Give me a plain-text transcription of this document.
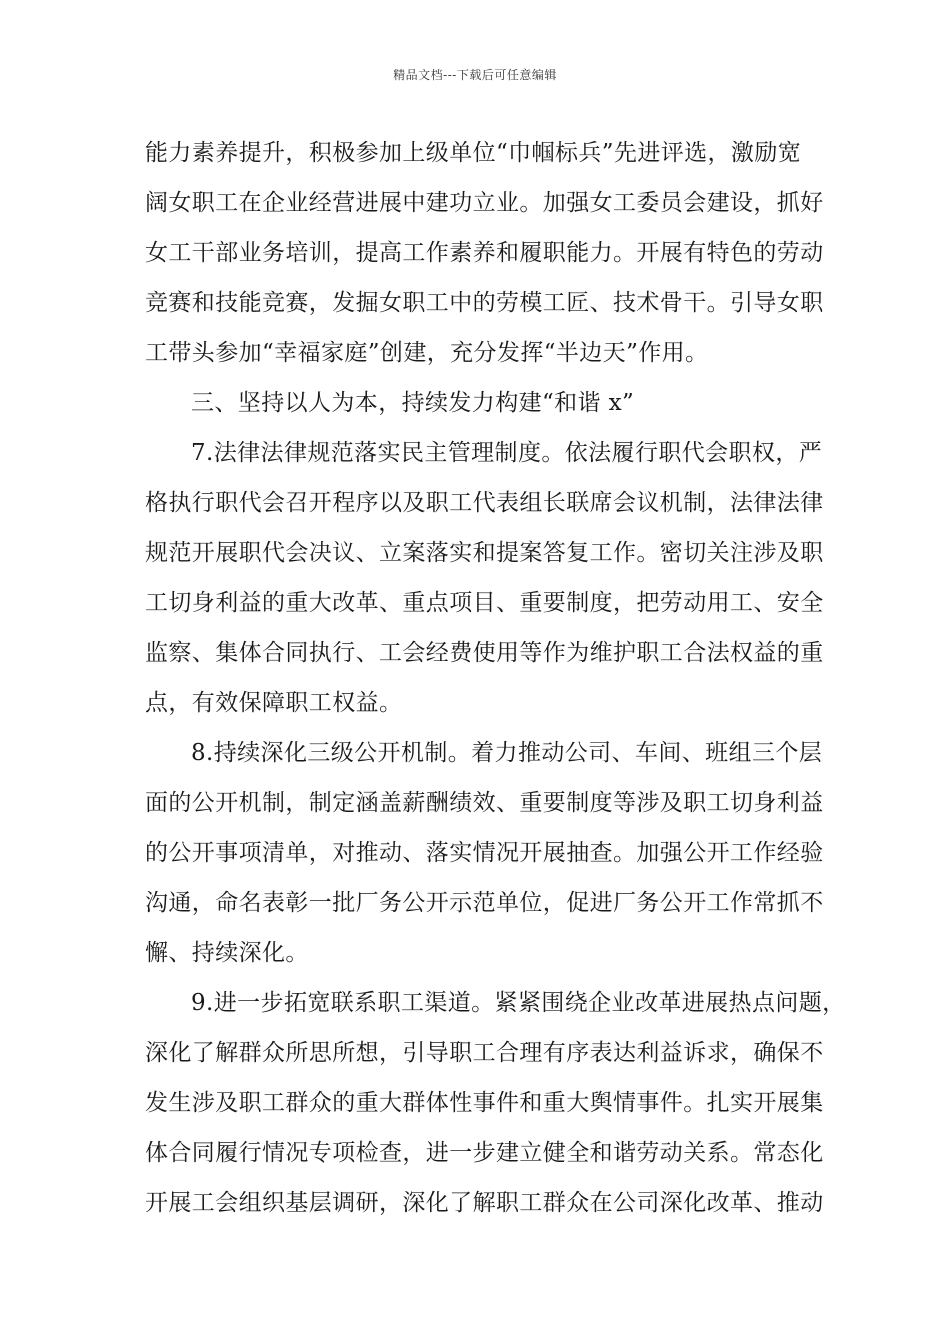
精品文档---下载后可任意编辑
能力素养提升，积极参加上级单位“巾帼标兵”先进评选，激励宽
阔女职工在企业经营进展中建功立业。加强女工委员会建设，抓好
女工干部业务培训，提高工作素养和履职能力。开展有特色的劳动
竞赛和技能竞赛，发掘女职工中的劳模工匠、技术骨干。引导女职
工带头参加“幸福家庭”创建，充分发挥“半边天”作用。
三、坚持以人为本，持续发力构建“和谐 x”
7.法律法律规范落实民主管理制度。依法履行职代会职权，严
格执行职代会召开程序以及职工代表组长联席会议机制，法律法律
规范开展职代会决议、立案落实和提案答复工作。密切关注涉及职
工切身利益的重大改革、重点项目、重要制度，把劳动用工、安全
监察、集体合同执行、工会经费使用等作为维护职工合法权益的重
点，有效保障职工权益。
8.持续深化三级公开机制。着力推动公司、车间、班组三个层
面的公开机制，制定涵盖薪酬绩效、重要制度等涉及职工切身利益
的公开事项清单，对推动、落实情况开展抽查。加强公开工作经验
沟通，命名表彰一批厂务公开示范单位，促进厂务公开工作常抓不
懈、持续深化。
9.进一步拓宽联系职工渠道。紧紧围绕企业改革进展热点问题，
深化了解群众所思所想，引导职工合理有序表达利益诉求，确保不
发生涉及职工群众的重大群体性事件和重大舆情事件。扎实开展集
体合同履行情况专项检查，进一步建立健全和谐劳动关系。常态化
开展工会组织基层调研，深化了解职工群众在公司深化改革、推动
